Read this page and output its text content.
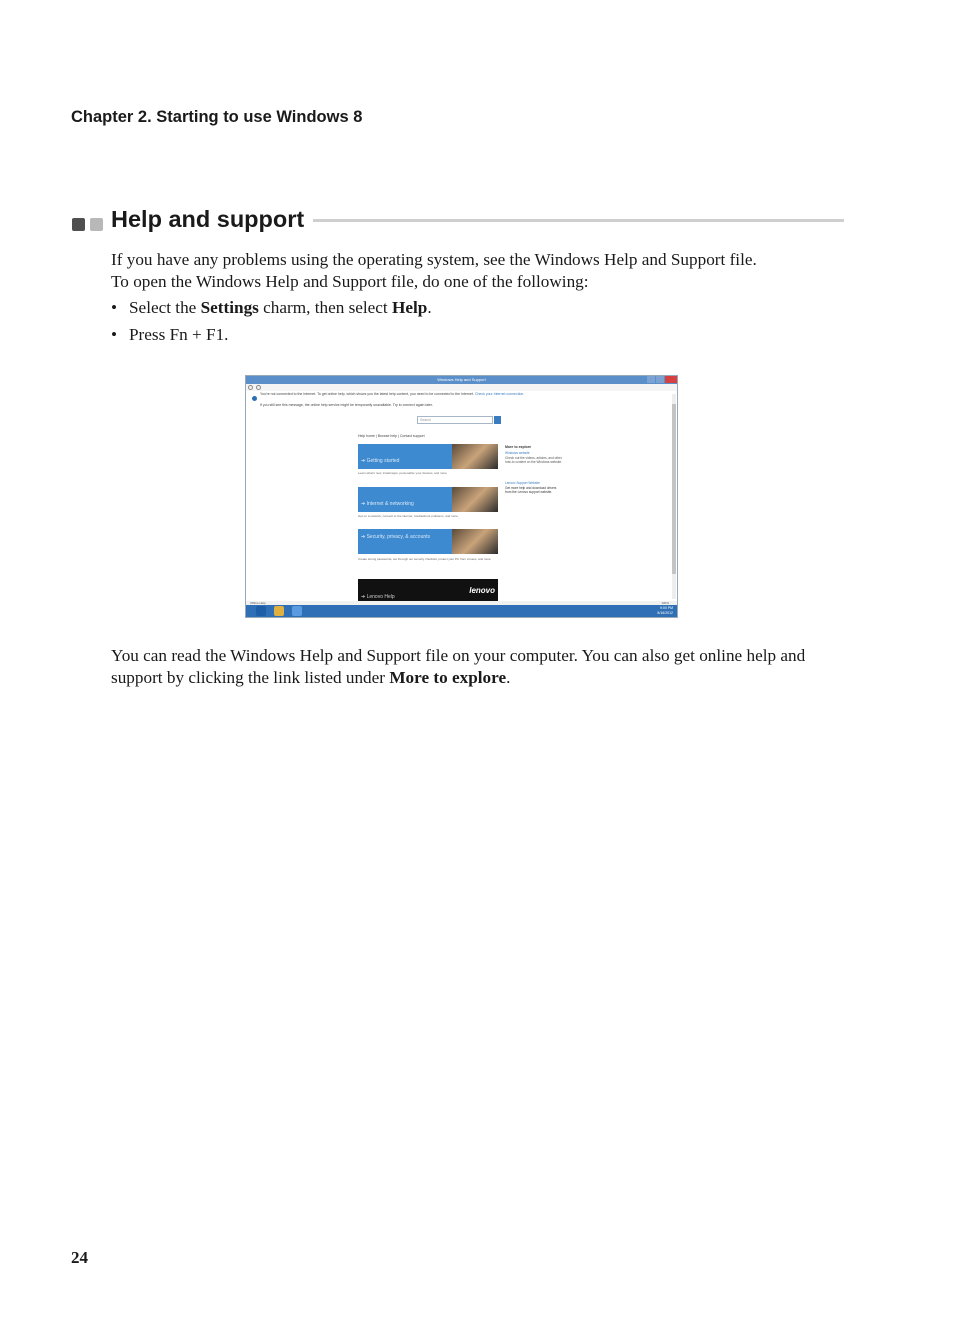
Chapter 2. Starting to use Windows 8
Help and support
If you have any problems using the operating system, see the Windows Help and Support file.
To open the Windows Help and Support file, do one of the following:
• Select the Settings charm, then select Help.
• Press Fn + F1.
Windows Help and Support
You're not connected to the Internet. To get online help, which shows you the latest help content, you need to be connected to the Internet. Check your Internet connection.
If you still see this message, the online help service might be temporarily unavailable. Try to connect again later.
Search
Help home | Browse help | Contact support
➔ Getting started
Learn what's new, install apps, personalize your devices, and more
➔ Internet & networking
Get on a network, connect to the internet, troubleshoot problems, and more
➔ Security, privacy, & accounts
Create strong passwords, set through our security checklist, protect your PC from viruses, and more
lenovo
➔ Lenovo Help
More to explore
Windows website
Check out the videos, articles, and other how-to content on the Windows website.
Lenovo Support Website
Get more help and download drivers from the Lenovo support website.
Offline Help	100%
9:00 PM
8/16/2012
You can read the Windows Help and Support file on your computer. You can also get online help and support by clicking the link listed under More to explore.
24
